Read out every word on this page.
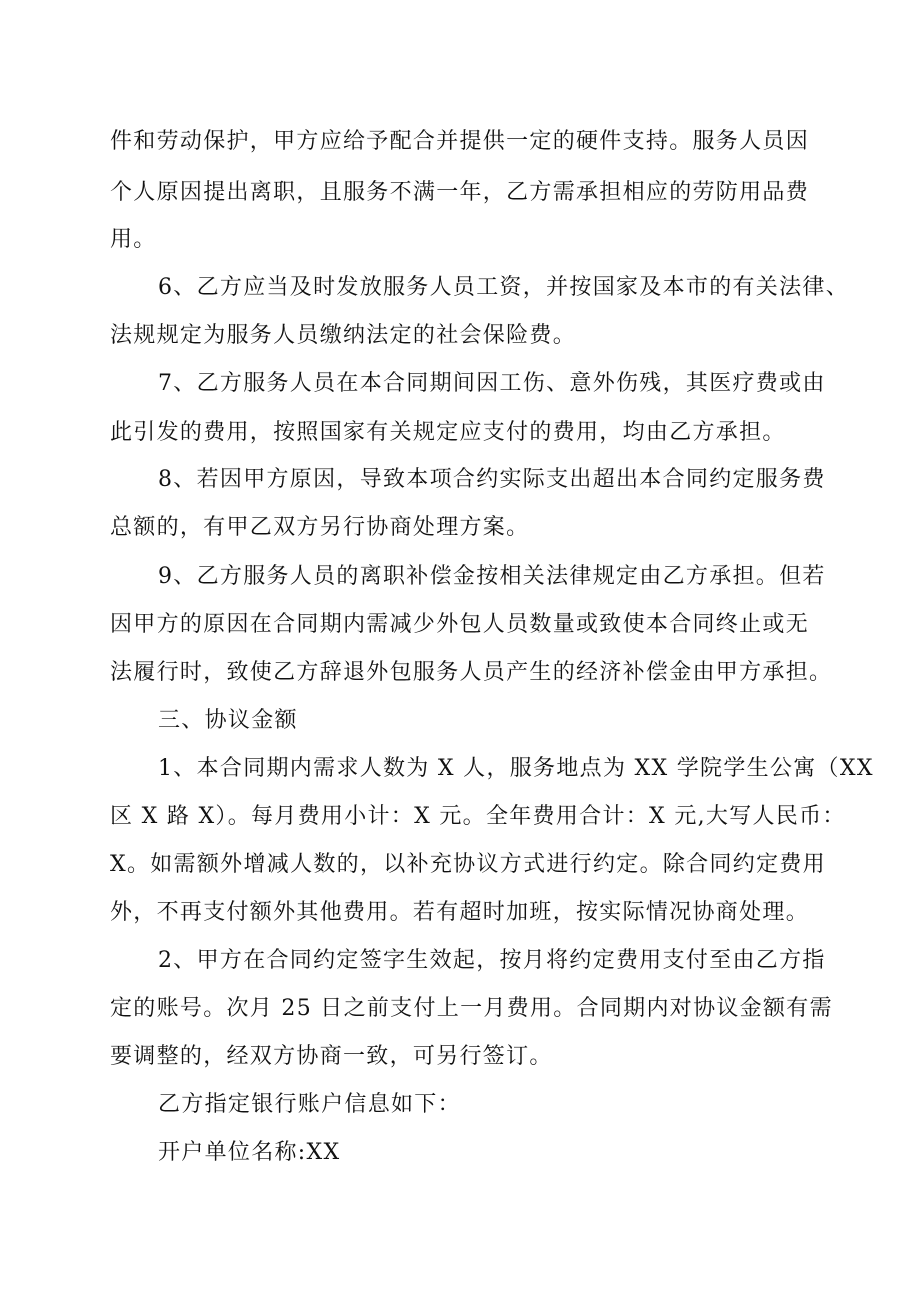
件和劳动保护，甲方应给予配合并提供一定的硬件支持。服务人员因
个人原因提出离职，且服务不满一年，乙方需承担相应的劳防用品费
用。
6、乙方应当及时发放服务人员工资，并按国家及本市的有关法律、
法规规定为服务人员缴纳法定的社会保险费。
7、乙方服务人员在本合同期间因工伤、意外伤残，其医疗费或由
此引发的费用，按照国家有关规定应支付的费用，均由乙方承担。
8、若因甲方原因，导致本项合约实际支出超出本合同约定服务费
总额的，有甲乙双方另行协商处理方案。
9、乙方服务人员的离职补偿金按相关法律规定由乙方承担。但若
因甲方的原因在合同期内需减少外包人员数量或致使本合同终止或无
法履行时，致使乙方辞退外包服务人员产生的经济补偿金由甲方承担。
三、协议金额
1、本合同期内需求人数为 X 人，服务地点为 XX 学院学生公寓（XX
区 X 路 X）。每月费用小计：X 元。全年费用合计：X 元,大写人民币：
X。如需额外增减人数的，以补充协议方式进行约定。除合同约定费用
外，不再支付额外其他费用。若有超时加班，按实际情况协商处理。
2、甲方在合同约定签字生效起，按月将约定费用支付至由乙方指
定的账号。次月 25 日之前支付上一月费用。合同期内对协议金额有需
要调整的，经双方协商一致，可另行签订。
乙方指定银行账户信息如下：
开户单位名称:XX
